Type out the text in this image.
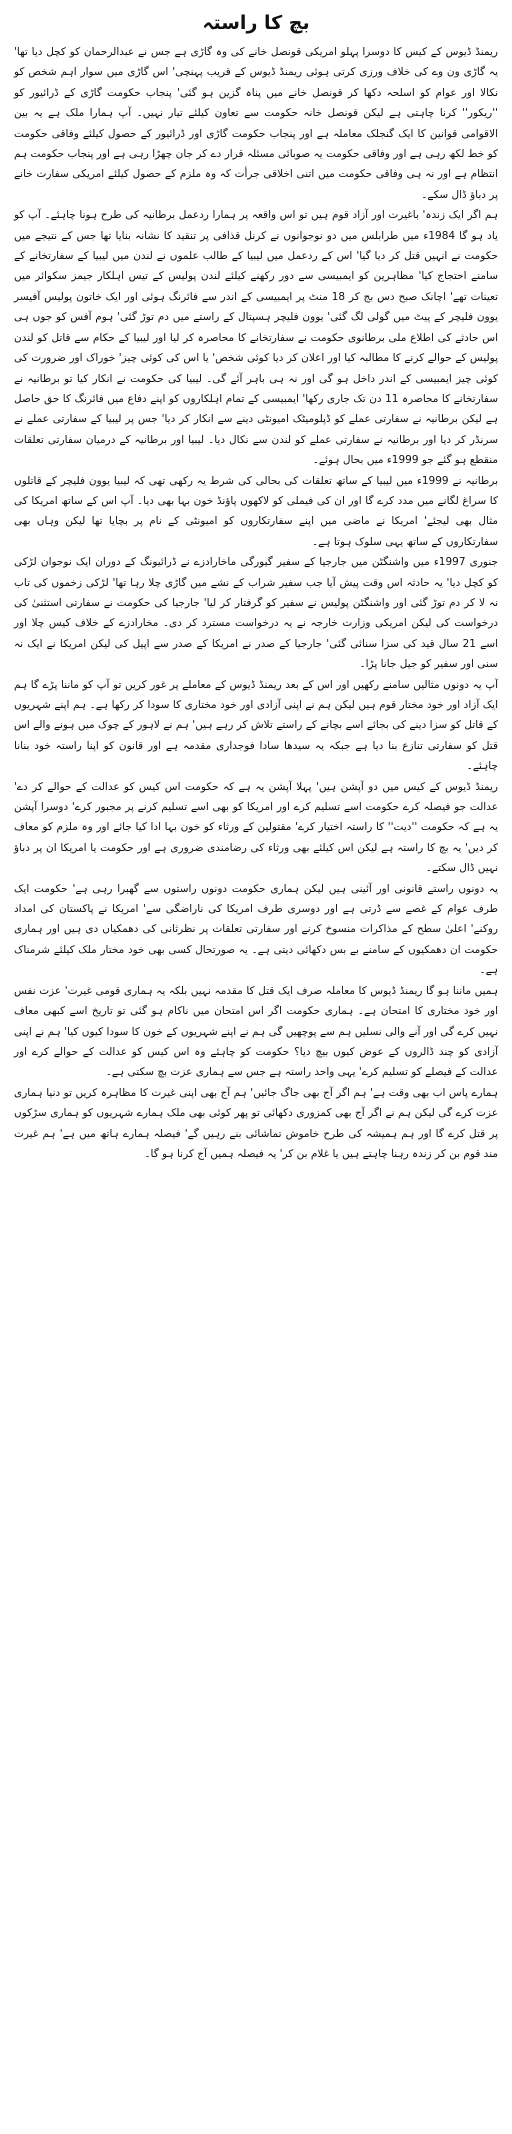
بچ کا راستہ

ریمنڈ ڈیوس کے کیس کا دوسرا پہلو امریکی قونصل خانے کی وہ گاڑی ہے جس نے عبدالرحمان کو کچل دیا تھا' یہ گاڑی ون وے کی خلاف ورزی کرتی ہوئی ریمنڈ ڈیوس کے قریب پہنچی' اس گاڑی میں سوار اہم شخص کو نکالا اور عوام کو اسلحہ دکھا کر قونصل خانے میں پناہ گزین ہو گئی' پنجاب حکومت گاڑی کے ڈرائیور کو ''ریکور'' کرنا چاہتی ہے لیکن قونصل خانہ حکومت سے تعاون کیلئے تیار نہیں۔ آپ ہمارا ملک ہے یہ بین الاقوامی قوانین کا ایک گنجلک معاملہ ہے اور پنجاب حکومت گاڑی اور ڈرائیور کے حصول کیلئے وفاقی حکومت کو خط لکھ رہی ہے اور وفاقی حکومت یہ صوبائی مسئلہ قرار دے کر جان چھڑا رہی ہے اور پنجاب حکومت ہم انتظام ہے اور نہ ہی وفاقی حکومت میں اتنی اخلاقی جرأت کہ وہ ملزم کے حصول کیلئے امریکی سفارت خانے پر دباؤ ڈال سکے۔

ہم اگر ایک زندہ' باغیرت اور آزاد قوم ہیں تو اس واقعہ پر ہمارا ردعمل برطانیہ کی طرح ہونا چاہئے۔ آپ کو یاد ہو گا 1984ء میں طرابلس میں دو نوجوانوں نے کرنل قذافی پر تنقید کا نشانہ بنایا تھا جس کے نتیجے میں حکومت نے انہیں قتل کر دیا گیا' اس کے ردعمل میں لیبیا کے طالب علموں نے لندن میں لیبیا کے سفارتخانے کے سامنے احتجاج کیا' مظاہرین کو ایمبیسی سے دور رکھنے کیلئے لندن پولیس کے تیس اہلکار جیمز سکوائر میں تعینات تھے' اچانک صبح دس بج کر 18 منٹ پر ایمبیسی کے اندر سے فائرنگ ہوئی اور ایک خاتون پولیس آفیسر یوون فلیچر کے پیٹ میں گولی لگ گئی' یوون فلیچر ہسپتال کے راستے میں دم توڑ گئی' ہوم آفس کو جوں ہی اس حادثے کی اطلاع ملی برطانوی حکومت نے سفارتخانے کا محاصرہ کر لیا اور لیبیا کے حکام سے قاتل کو لندن پولیس کے حوالے کرنے کا مطالبہ کیا اور اعلان کر دیا کوئی شخص' یا اس کی کوئی چیز' خوراک اور ضرورت کی کوئی چیز ایمبیسی کے اندر داخل ہو گی اور نہ ہی باہر آئے گی۔ لیبیا کی حکومت نے انکار کیا تو برطانیہ نے سفارتخانے کا محاصرہ 11 دن تک جاری رکھا' ایمبیسی کے تمام اہلکاروں کو اپنے دفاع میں فائرنگ کا حق حاصل ہے لیکن برطانیہ نے سفارتی عملے کو ڈپلومیٹک امیونٹی دینے سے انکار کر دیا' جس پر لیبیا کے سفارتی عملے نے سرنڈر کر دیا اور برطانیہ نے سفارتی عملے کو لندن سے نکال دیا۔ لیبیا اور برطانیہ کے درمیان سفارتی تعلقات منقطع ہو گئے جو 1999ء میں بحال ہوئے۔

برطانیہ نے 1999ء میں لیبیا کے ساتھ تعلقات کی بحالی کی شرط یہ رکھی تھی کہ لیبیا یوون فلیچر کے قاتلوں کا سراغ لگانے میں مدد کرے گا اور ان کی فیملی کو لاکھوں پاؤنڈ خون بہا بھی دیا۔ آپ اس کے ساتھ امریکا کی مثال بھی لیجئے' امریکا نے ماضی میں اپنے سفارتکاروں کو امیونٹی کے نام پر بچایا تھا لیکن وہاں بھی سفارتکاروں کے ساتھ یہی سلوک ہوتا ہے۔

جنوری 1997ء میں واشنگٹن میں جارجیا کے سفیر گیورگی ماخارادزے نے ڈرائیونگ کے دوران ایک نوجوان لڑکی کو کچل دیا' یہ حادثہ اس وقت پیش آیا جب سفیر شراب کے نشے میں گاڑی چلا رہا تھا' لڑکی زخموں کی تاب نہ لا کر دم توڑ گئی اور واشنگٹن پولیس نے سفیر کو گرفتار کر لیا' جارجیا کی حکومت نے سفارتی استثنیٰ کی درخواست کی لیکن امریکی وزارت خارجہ نے یہ درخواست مسترد کر دی۔ مخارادزے کے خلاف کیس چلا اور اسے 21 سال قید کی سزا سنائی گئی' جارجیا کے صدر نے امریکا کے صدر سے اپیل کی لیکن امریکا نے ایک نہ سنی اور سفیر کو جیل جانا پڑا۔

آپ یہ دونوں مثالیں سامنے رکھیں اور اس کے بعد ریمنڈ ڈیوس کے معاملے پر غور کریں تو آپ کو ماننا پڑے گا ہم ایک آزاد اور خود مختار قوم ہیں لیکن ہم نے اپنی آزادی اور خود مختاری کا سودا کر رکھا ہے۔ ہم اپنے شہریوں کے قاتل کو سزا دینے کی بجائے اسے بچانے کے راستے تلاش کر رہے ہیں' ہم نے لاہور کے چوک میں ہونے والے اس قتل کو سفارتی تنازع بنا دیا ہے جبکہ یہ سیدھا سادا فوجداری مقدمہ ہے اور قانون کو اپنا راستہ خود بنانا چاہئے۔

ریمنڈ ڈیوس کے کیس میں دو آپشن ہیں' پہلا آپشن یہ ہے کہ حکومت اس کیس کو عدالت کے حوالے کر دے' عدالت جو فیصلہ کرے حکومت اسے تسلیم کرے اور امریکا کو بھی اسے تسلیم کرنے پر مجبور کرے' دوسرا آپشن یہ ہے کہ حکومت ''دیت'' کا راستہ اختیار کرے' مقتولین کے ورثاء کو خون بہا ادا کیا جائے اور وہ ملزم کو معاف کر دیں' یہ بچ کا راستہ ہے لیکن اس کیلئے بھی ورثاء کی رضامندی ضروری ہے اور حکومت یا امریکا ان پر دباؤ نہیں ڈال سکتے۔

یہ دونوں راستے قانونی اور آئینی ہیں لیکن ہماری حکومت دونوں راستوں سے گھبرا رہی ہے' حکومت ایک طرف عوام کے غصے سے ڈرتی ہے اور دوسری طرف امریکا کی ناراضگی سے' امریکا نے پاکستان کی امداد روکنے' اعلیٰ سطح کے مذاکرات منسوخ کرنے اور سفارتی تعلقات پر نظرثانی کی دھمکیاں دی ہیں اور ہماری حکومت ان دھمکیوں کے سامنے بے بس دکھائی دیتی ہے۔ یہ صورتحال کسی بھی خود مختار ملک کیلئے شرمناک ہے۔

ہمیں ماننا ہو گا ریمنڈ ڈیوس کا معاملہ صرف ایک قتل کا مقدمہ نہیں بلکہ یہ ہماری قومی غیرت' عزت نفس اور خود مختاری کا امتحان ہے۔ ہماری حکومت اگر اس امتحان میں ناکام ہو گئی تو تاریخ اسے کبھی معاف نہیں کرے گی اور آنے والی نسلیں ہم سے پوچھیں گی ہم نے اپنے شہریوں کے خون کا سودا کیوں کیا' ہم نے اپنی آزادی کو چند ڈالروں کے عوض کیوں بیچ دیا؟ حکومت کو چاہئے وہ اس کیس کو عدالت کے حوالے کرے اور عدالت کے فیصلے کو تسلیم کرے' یہی واحد راستہ ہے جس سے ہماری عزت بچ سکتی ہے۔

ہمارے پاس اب بھی وقت ہے' ہم اگر آج بھی جاگ جائیں' ہم آج بھی اپنی غیرت کا مظاہرہ کریں تو دنیا ہماری عزت کرے گی لیکن ہم نے اگر آج بھی کمزوری دکھائی تو پھر کوئی بھی ملک ہمارے شہریوں کو ہماری سڑکوں پر قتل کرے گا اور ہم ہمیشہ کی طرح خاموش تماشائی بنے رہیں گے' فیصلہ ہمارے ہاتھ میں ہے' ہم غیرت مند قوم بن کر زندہ رہنا چاہتے ہیں یا غلام بن کر' یہ فیصلہ ہمیں آج کرنا ہو گا۔
